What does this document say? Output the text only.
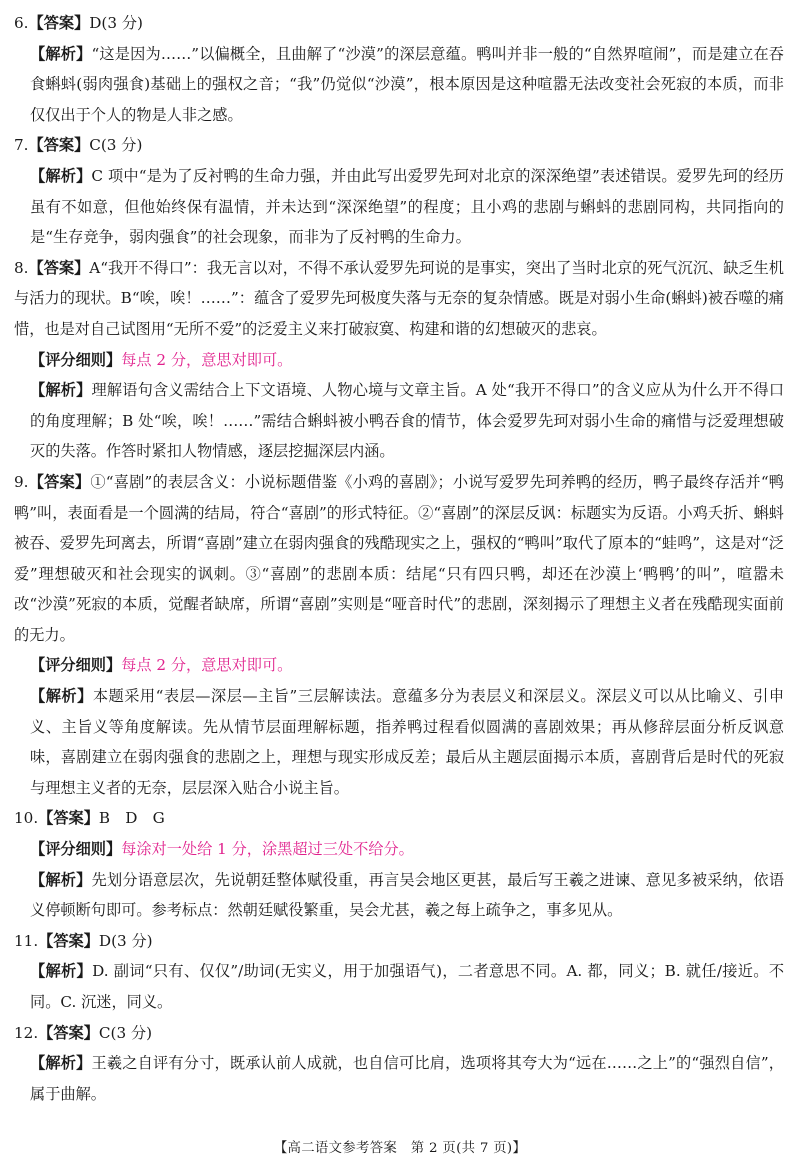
6.【答案】D(3 分)

【解析】“这是因为……”以偏概全，且曲解了“沙漠”的深层意蕴。鸭叫并非一般的“自然界喧闹”，而是建立在吞食蝌蚪(弱肉强食)基础上的强权之音；“我”仍觉似“沙漠”，根本原因是这种喧嚣无法改变社会死寂的本质，而非仅仅出于个人的物是人非之感。

7.【答案】C(3 分)

【解析】C 项中“是为了反衬鸭的生命力强，并由此写出爱罗先珂对北京的深深绝望”表述错误。爱罗先珂的经历虽有不如意，但他始终保有温情，并未达到“深深绝望”的程度；且小鸡的悲剧与蝌蚪的悲剧同构，共同指向的是“生存竞争，弱肉强食”的社会现象，而非为了反衬鸭的生命力。

8.【答案】A“我开不得口”：我无言以对，不得不承认爱罗先珂说的是事实，突出了当时北京的死气沉沉、缺乏生机与活力的现状。B“唉，唉！……”：蕴含了爱罗先珂极度失落与无奈的复杂情感。既是对弱小生命(蝌蚪)被吞噬的痛惜，也是对自己试图用“无所不爱”的泛爱主义来打破寂寞、构建和谐的幻想破灭的悲哀。

【评分细则】每点 2 分，意思对即可。

【解析】理解语句含义需结合上下文语境、人物心境与文章主旨。A 处“我开不得口”的含义应从为什么开不得口的角度理解；B 处“唉，唉！……”需结合蝌蚪被小鸭吞食的情节，体会爱罗先珂对弱小生命的痛惜与泛爱理想破灭的失落。作答时紧扣人物情感，逐层挖掘深层内涵。

9.【答案】①“喜剧”的表层含义：小说标题借鉴《小鸡的喜剧》；小说写爱罗先珂养鸭的经历，鸭子最终存活并“鸭鸭”叫，表面看是一个圆满的结局，符合“喜剧”的形式特征。②“喜剧”的深层反讽：标题实为反语。小鸡夭折、蝌蚪被吞、爱罗先珂离去，所谓“喜剧”建立在弱肉强食的残酷现实之上，强权的“鸭叫”取代了原本的“蛙鸣”，这是对“泛爱”理想破灭和社会现实的讽刺。③“喜剧”的悲剧本质：结尾“只有四只鸭，却还在沙漠上‘鸭鸭’的叫”，喧嚣未改“沙漠”死寂的本质，觉醒者缺席，所谓“喜剧”实则是“哑音时代”的悲剧，深刻揭示了理想主义者在残酷现实面前的无力。

【评分细则】每点 2 分，意思对即可。

【解析】本题采用“表层—深层—主旨”三层解读法。意蕴多分为表层义和深层义。深层义可以从比喻义、引申义、主旨义等角度解读。先从情节层面理解标题，指养鸭过程看似圆满的喜剧效果；再从修辞层面分析反讽意味，喜剧建立在弱肉强食的悲剧之上，理想与现实形成反差；最后从主题层面揭示本质，喜剧背后是时代的死寂与理想主义者的无奈，层层深入贴合小说主旨。

10.【答案】B　D　G

【评分细则】每涂对一处给 1 分，涂黑超过三处不给分。

【解析】先划分语意层次，先说朝廷整体赋役重，再言吴会地区更甚，最后写王羲之进谏、意见多被采纳，依语义停顿断句即可。参考标点：然朝廷赋役繁重，吴会尤甚，羲之每上疏争之，事多见从。

11.【答案】D(3 分)

【解析】D. 副词“只有、仅仅”/助词(无实义，用于加强语气)，二者意思不同。A. 都，同义；B. 就任/接近。不同。C. 沉迷，同义。

12.【答案】C(3 分)

【解析】王羲之自评有分寸，既承认前人成就，也自信可比肩，选项将其夸大为“远在……之上”的“强烈自信”，属于曲解。

【高二语文参考答案　第 2 页(共 7 页)】
